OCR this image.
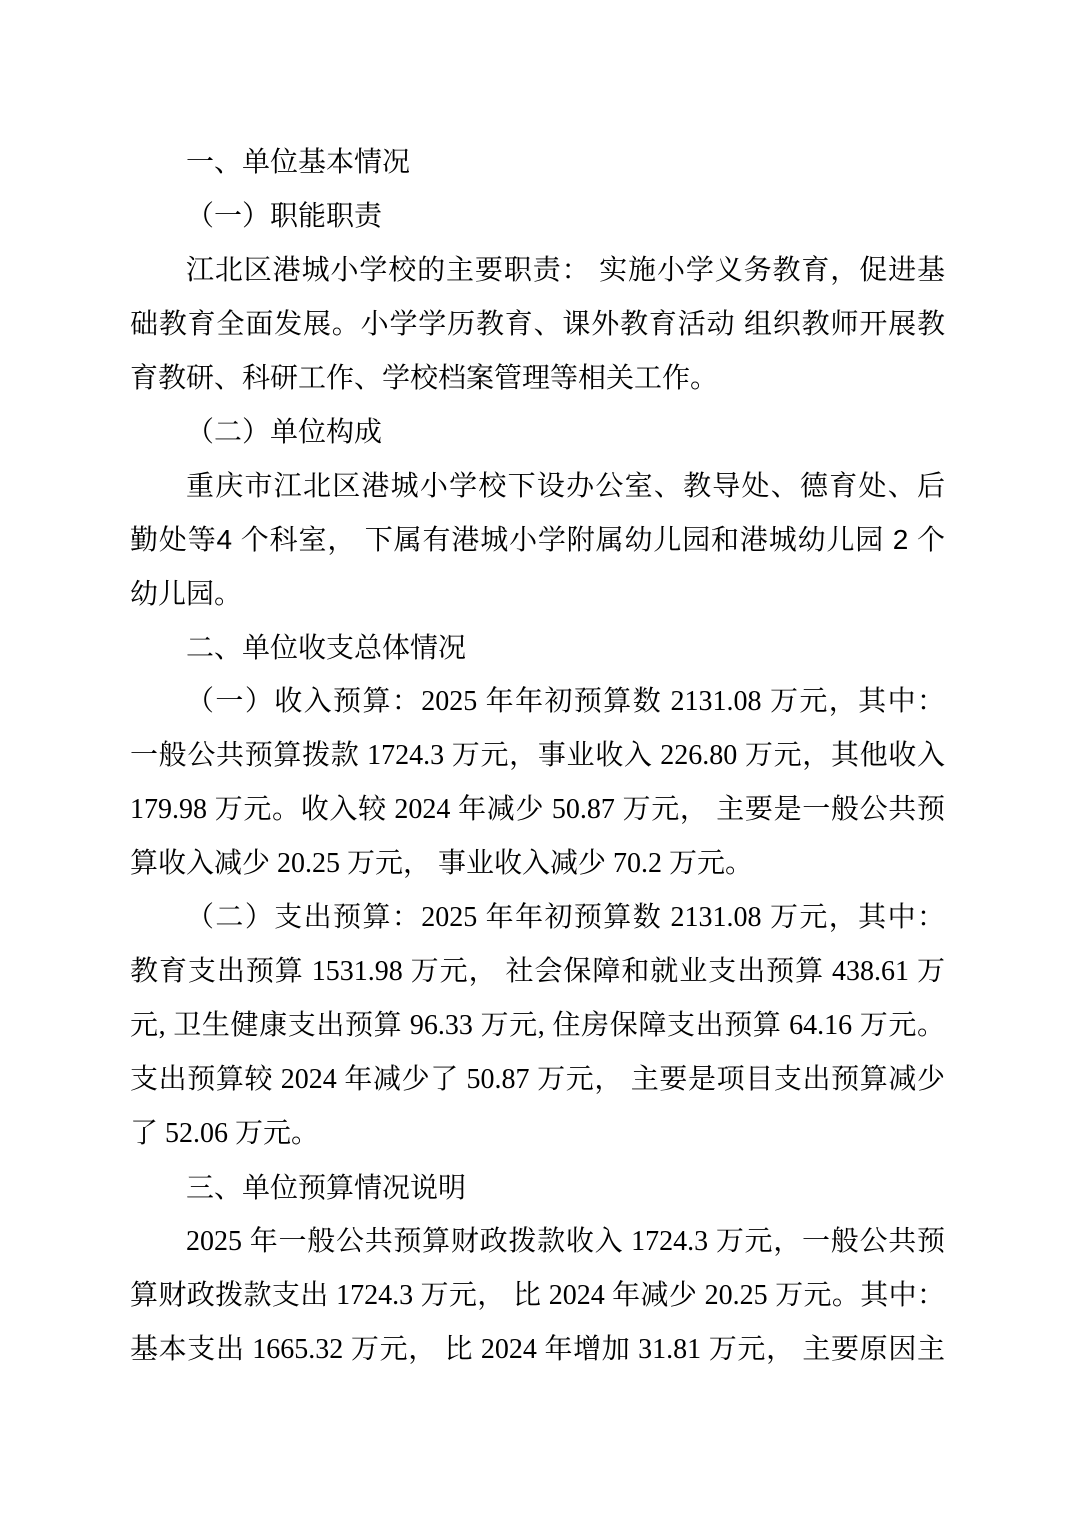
一、单位基本情况
（一）职能职责
江北区港城小学校的主要职责： 实施小学义务教育，促进基
础教育全面发展。小学学历教育、课外教育活动 组织教师开展教
育教研、科研工作、学校档案管理等相关工作。
（二）单位构成
重庆市江北区港城小学校下设办公室、教导处、德育处、后
勤处等4 个科室， 下属有港城小学附属幼儿园和港城幼儿园 2 个
幼儿园。
二、单位收支总体情况
（一）收入预算：2025 年年初预算数 2131.08 万元，其中：
一般公共预算拨款 1724.3 万元，事业收入 226.80 万元，其他收入
179.98 万元。收入较 2024 年减少 50.87 万元， 主要是一般公共预
算收入减少 20.25 万元， 事业收入减少 70.2 万元。
（二）支出预算：2025 年年初预算数 2131.08 万元，其中：
教育支出预算 1531.98 万元， 社会保障和就业支出预算 438.61 万
元, 卫生健康支出预算 96.33 万元, 住房保障支出预算 64.16 万元。
支出预算较 2024 年减少了 50.87 万元， 主要是项目支出预算减少
了 52.06 万元。
三、单位预算情况说明
2025 年一般公共预算财政拨款收入 1724.3 万元，一般公共预
算财政拨款支出 1724.3 万元， 比 2024 年减少 20.25 万元。其中：
基本支出 1665.32 万元， 比 2024 年增加 31.81 万元， 主要原因主
